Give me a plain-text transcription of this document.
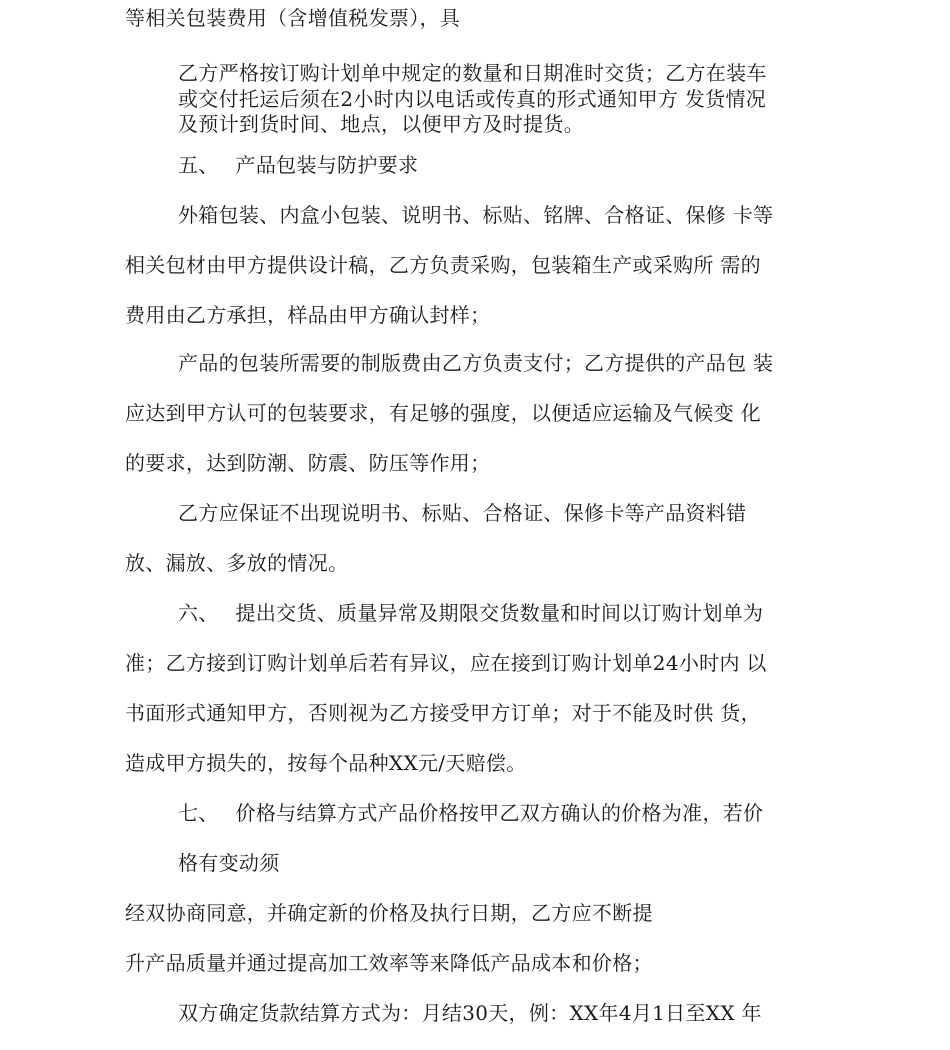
等相关包装费用（含增值税发票），具
乙方严格按订购计划单中规定的数量和日期准时交货；乙方在装车
或交付托运后须在2小时内以电话或传真的形式通知甲方 发货情况
及预计到货时间、地点，以便甲方及时提货。
五、　 产品包装与防护要求
外箱包装、内盒小包装、说明书、标贴、铭牌、合格证、保修 卡等
相关包材由甲方提供设计稿，乙方负责采购，包装箱生产或采购所 需的
费用由乙方承担，样品由甲方确认封样；
产品的包装所需要的制版费由乙方负责支付；乙方提供的产品包 装
应达到甲方认可的包装要求，有足够的强度，以便适应运输及气候变 化
的要求，达到防潮、防震、防压等作用；
乙方应保证不出现说明书、标贴、合格证、保修卡等产品资料错
放、漏放、多放的情况。
六、　 提出交货、质量异常及期限交货数量和时间以订购计划单为
准；乙方接到订购计划单后若有异议，应在接到订购计划单24小时内 以
书面形式通知甲方，否则视为乙方接受甲方订单；对于不能及时供 货，
造成甲方损失的，按每个品种XX元/天赔偿。
七、　 价格与结算方式产品价格按甲乙双方确认的价格为准，若价
格有变动须
经双协商同意，并确定新的价格及执行日期，乙方应不断提
升产品质量并通过提高加工效率等来降低产品成本和价格；
双方确定货款结算方式为：月结30天，例：XX年4月1日至XX 年
